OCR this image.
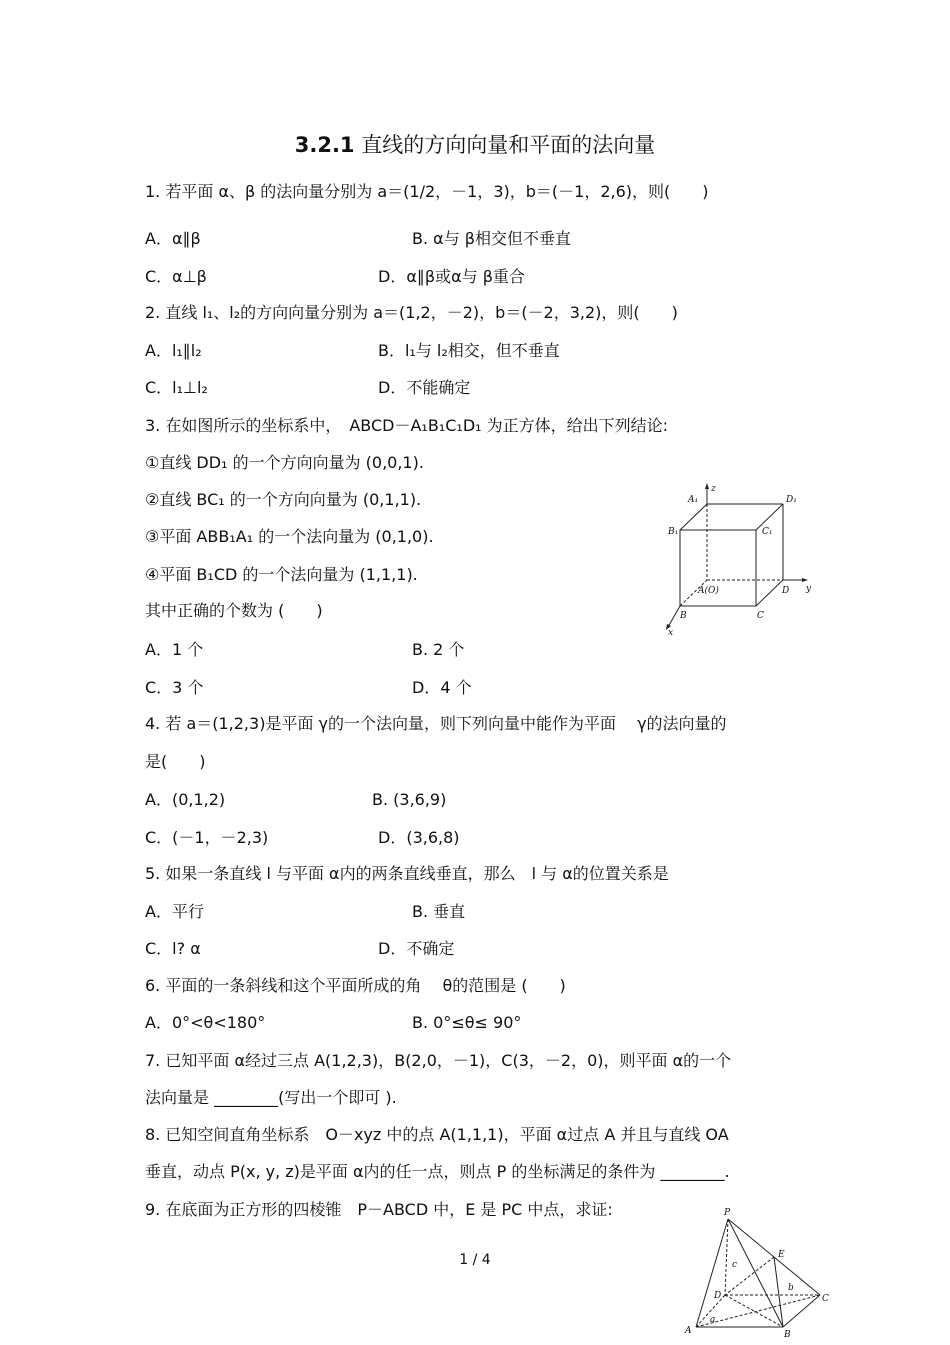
3.2.1 直线的方向向量和平面的法向量
1. 若平面 α、β 的法向量分别为 a＝(1/2，－1，3)，b＝(－1，2,6)，则(　　)
A．α∥β	B. α与 β相交但不垂直
C．α⊥β	D．α∥β或α与 β重合
2. 直线 l₁、l₂的方向向量分别为 a＝(1,2，－2)，b＝(－2，3,2)，则(　　)
A．l₁∥l₂	B．l₁与 l₂相交，但不垂直
C．l₁⊥l₂	D．不能确定
3. 在如图所示的坐标系中，　ABCD－A₁B₁C₁D₁ 为正方体，给出下列结论:
①直线 DD₁ 的一个方向向量为 (0,0,1).
②直线 BC₁ 的一个方向向量为 (0,1,1).
③平面 ABB₁A₁ 的一个法向量为 (0,1,0).
④平面 B₁CD 的一个法向量为 (1,1,1).
其中正确的个数为 (　　)
A．1 个	B. 2 个
C．3 个	D．4 个
4. 若 a＝(1,2,3)是平面 γ的一个法向量，则下列向量中能作为平面　 γ的法向量的
是(　　)
A．(0,1,2)	B. (3,6,9)
C．(－1，－2,3)	D．(3,6,8)
5. 如果一条直线 l 与平面 α内的两条直线垂直，那么　l 与 α的位置关系是
A．平行	B. 垂直
C．l? α	D．不确定
6. 平面的一条斜线和这个平面所成的角　 θ的范围是 (　　)
A．0°<θ<180°	B. 0°≤θ≤ 90°
7. 已知平面 α经过三点 A(1,2,3)，B(2,0，－1)，C(3，－2，0)，则平面 α的一个
法向量是 ________(写出一个即可 ).
8. 已知空间直角坐标系　O－xyz 中的点 A(1,1,1)，平面 α过点 A 并且与直线 OA
垂直，动点 P(x, y, z)是平面 α内的任一点，则点 P 的坐标满足的条件为 ________.
9. 在底面为正方形的四棱锥　P－ABCD 中，E 是 PC 中点，求证:
1 / 4
A₁	D₁
B₁	C₁
A(O)	D
B	C
x
y
z
P
E
c
b
D	C
A
a
B
